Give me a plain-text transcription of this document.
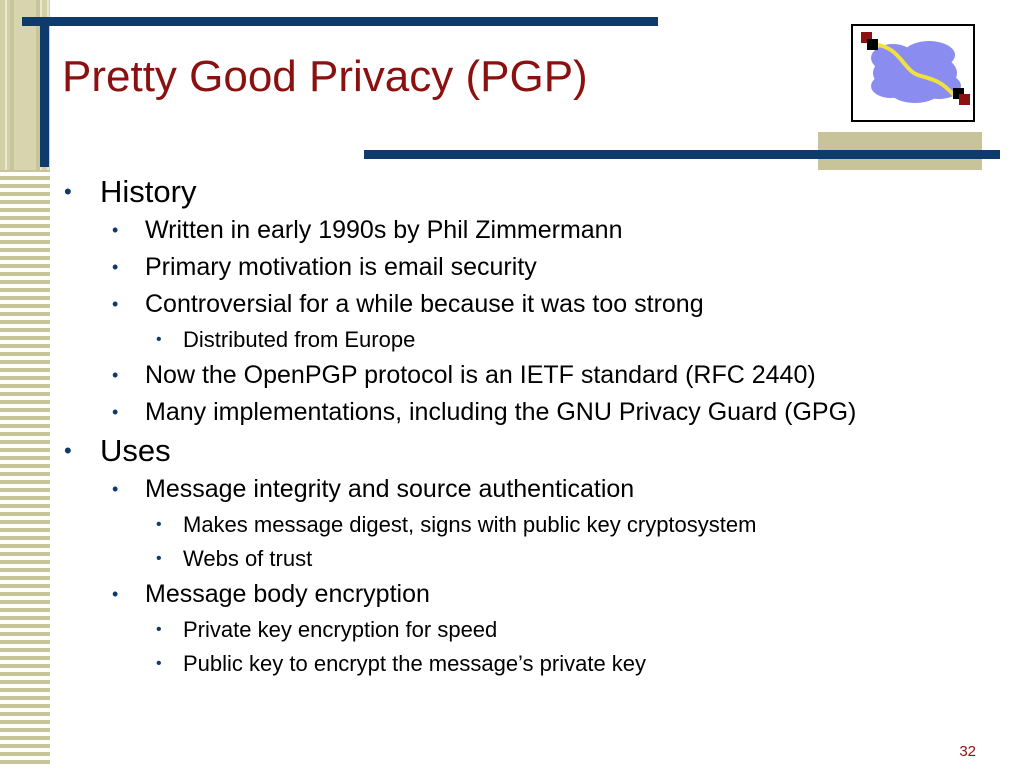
Pretty Good Privacy (PGP)
• History
• Written in early 1990s by Phil Zimmermann
• Primary motivation is email security
• Controversial for a while because it was too strong
• Distributed from Europe
• Now the OpenPGP protocol is an IETF standard (RFC 2440)
• Many implementations, including the GNU Privacy Guard (GPG)
• Uses
• Message integrity and source authentication
• Makes message digest, signs with public key cryptosystem
• Webs of trust
• Message body encryption
• Private key encryption for speed
• Public key to encrypt the message’s private key
32
